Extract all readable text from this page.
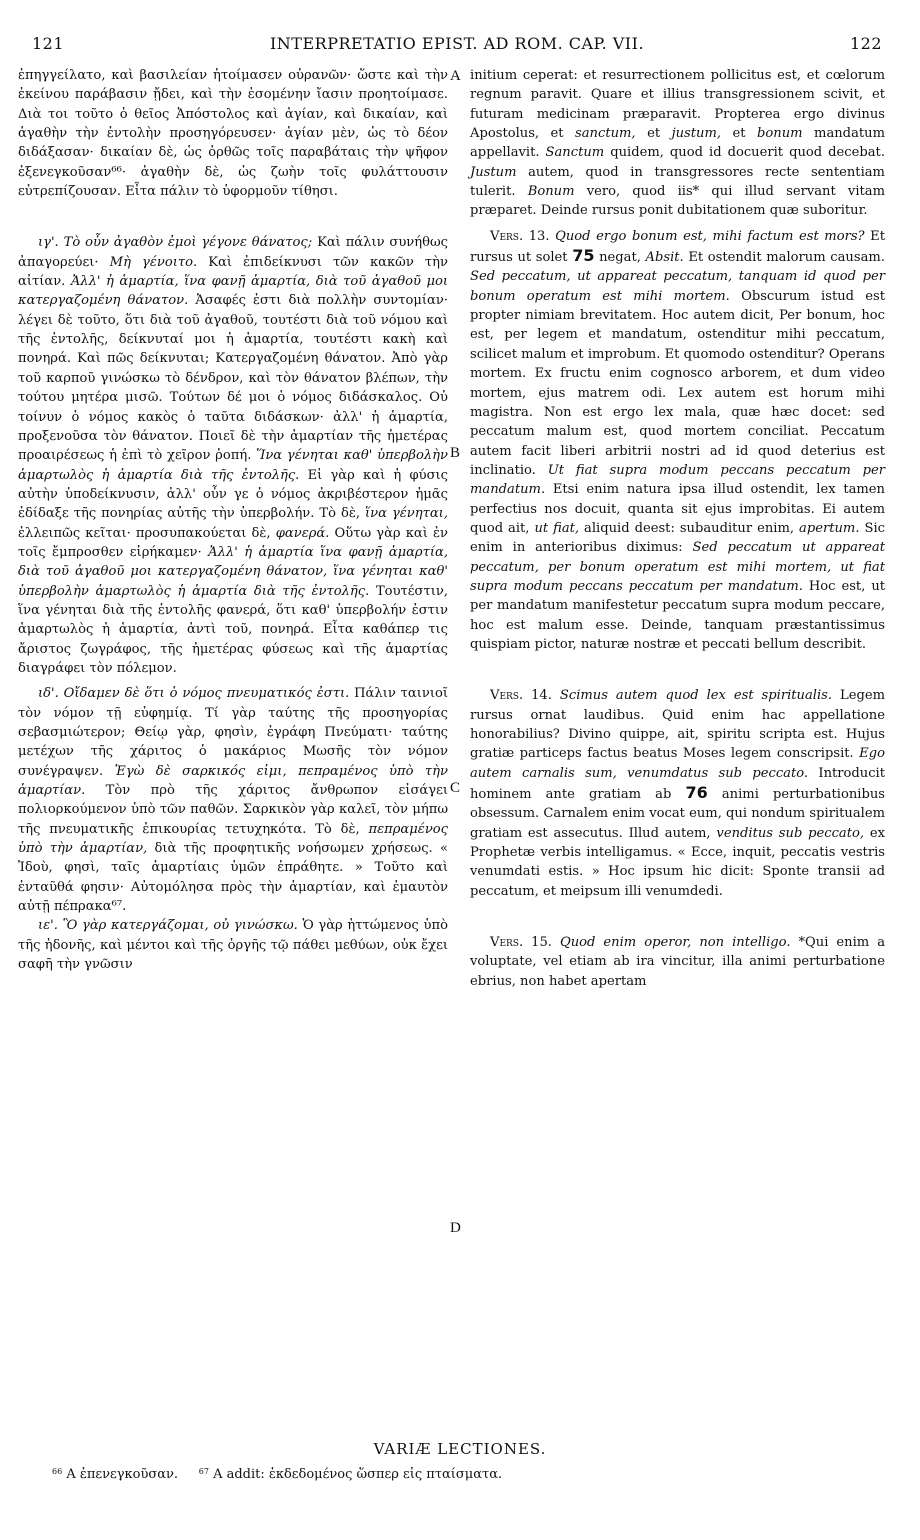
121	INTERPRETATIO EPIST. AD ROM. CAP. VII.	122
A
B
C
D

ἐπηγγείλατο, καὶ βασιλείαν ἡτοίμασεν οὐρανῶν· ὥστε καὶ τὴν ἐκείνου παράβασιν ᾔδει, καὶ τὴν ἐσομένην ἴασιν προητοίμασε. Διὰ τοι τοῦτο ὁ θεῖος Ἀπόστολος καὶ ἁγίαν, καὶ δικαίαν, καὶ ἀγαθὴν τὴν ἐντολὴν προσηγόρευσεν· ἁγίαν μὲν, ὡς τὸ δέον διδάξασαν· δικαίαν δὲ, ὡς ὀρθῶς τοῖς παραβάταις τὴν ψῆφον ἐξενεγκοῦσαν⁶⁶· ἀγαθὴν δὲ, ὡς ζωὴν τοῖς φυλάττουσιν εὐτρεπίζουσαν. Εἶτα πάλιν τὸ ὑφορμοῦν τίθησι.

ιγ'. Τὸ οὖν ἀγαθὸν ἐμοὶ γέγονε θάνατος; Καὶ πάλιν συνήθως ἀπαγορεύει· Μὴ γένοιτο. Καὶ ἐπιδείκνυσι τῶν κακῶν τὴν αἰτίαν. Ἀλλ' ἡ ἁμαρτία, ἵνα φανῇ ἁμαρτία, διὰ τοῦ ἀγαθοῦ μοι κατεργαζομένη θάνατον. Ἀσαφές ἐστι διὰ πολλὴν συντομίαν· λέγει δὲ τοῦτο, ὅτι διὰ τοῦ ἀγαθοῦ, τουτέστι διὰ τοῦ νόμου καὶ τῆς ἐντολῆς, δείκνυταί μοι ἡ ἁμαρτία, τουτέστι κακὴ καὶ πονηρά. Καὶ πῶς δείκνυται; Κατεργαζομένη θάνατον. Ἀπὸ γὰρ τοῦ καρποῦ γινώσκω τὸ δένδρον, καὶ τὸν θάνατον βλέπων, τὴν τούτου μητέρα μισῶ. Τούτων δέ μοι ὁ νόμος διδάσκαλος. Οὐ τοίνυν ὁ νόμος κακὸς ὁ ταῦτα διδάσκων· ἀλλ' ἡ ἁμαρτία, προξενοῦσα τὸν θάνατον. Ποιεῖ δὲ τὴν ἁμαρτίαν τῆς ἡμετέρας προαιρέσεως ἡ ἐπὶ τὸ χεῖρον ῥοπή. Ἵνα γένηται καθ' ὑπερβολὴν ἁμαρτωλὸς ἡ ἁμαρτία διὰ τῆς ἐντολῆς. Εἰ γὰρ καὶ ἡ φύσις αὐτὴν ὑποδείκνυσιν, ἀλλ' οὖν γε ὁ νόμος ἀκριβέστερον ἡμᾶς ἐδίδαξε τῆς πονηρίας αὐτῆς τὴν ὑπερβολήν. Τὸ δὲ, ἵνα γένηται, ἐλλειπῶς κεῖται· προσυπακούεται δὲ, φανερά. Οὕτω γὰρ καὶ ἐν τοῖς ἔμπροσθεν εἰρήκαμεν· Ἀλλ' ἡ ἁμαρτία ἵνα φανῇ ἁμαρτία, διὰ τοῦ ἀγαθοῦ μοι κατεργαζομένη θάνατον, ἵνα γένηται καθ' ὑπερβολὴν ἁμαρτωλὸς ἡ ἁμαρτία διὰ τῆς ἐντολῆς. Τουτέστιν, ἵνα γένηται διὰ τῆς ἐντολῆς φανερά, ὅτι καθ' ὑπερβολήν ἐστιν ἁμαρτωλὸς ἡ ἁμαρτία, ἀντὶ τοῦ, πονηρά. Εἶτα καθάπερ τις ἄριστος ζωγράφος, τῆς ἡμετέρας φύσεως καὶ τῆς ἁμαρτίας διαγράφει τὸν πόλεμον.

ιδ'. Οἴδαμεν δὲ ὅτι ὁ νόμος πνευματικός ἐστι. Πάλιν ταινιοῖ τὸν νόμον τῇ εὐφημίᾳ. Τί γὰρ ταύτης τῆς προσηγορίας σεβασμιώτερον; Θείῳ γὰρ, φησὶν, ἐγράφη Πνεύματι· ταύτης μετέχων τῆς χάριτος ὁ μακάριος Μωσῆς τὸν νόμον συνέγραψεν. Ἐγὼ δὲ σαρκικός εἰμι, πεπραμένος ὑπὸ τὴν ἁμαρτίαν. Τὸν πρὸ τῆς χάριτος ἄνθρωπον εἰσάγει πολιορκούμενον ὑπὸ τῶν παθῶν. Σαρκικὸν γὰρ καλεῖ, τὸν μήπω τῆς πνευματικῆς ἐπικουρίας τετυχηκότα. Τὸ δὲ, πεπραμένος ὑπὸ τὴν ἁμαρτίαν, διὰ τῆς προφητικῆς νοήσωμεν χρήσεως. « Ἰδοὺ, φησὶ, ταῖς ἁμαρτίαις ὑμῶν ἐπράθητε. » Τοῦτο καὶ ἐνταῦθά φησιν· Αὐτομόλησα πρὸς τὴν ἁμαρτίαν, καὶ ἐμαυτὸν αὐτῇ πέπρακα⁶⁷.

ιε'. Ὃ γὰρ κατεργάζομαι, οὐ γινώσκω. Ὁ γὰρ ἡττώμενος ὑπὸ τῆς ἡδονῆς, καὶ μέντοι καὶ τῆς ὀργῆς τῷ πάθει μεθύων, οὐκ ἔχει σαφῆ τὴν γνῶσιν

initium ceperat: et resurrectionem pollicitus est, et cœlorum regnum paravit. Quare et illius transgressionem scivit, et futuram medicinam præparavit. Propterea ergo divinus Apostolus, et sanctum, et justum, et bonum mandatum appellavit. Sanctum quidem, quod id docuerit quod decebat. Justum autem, quod in transgressores recte sententiam tulerit. Bonum vero, quod iis* qui illud servant vitam præparet. Deinde rursus ponit dubitationem quæ suboritur.

Vers. 13. Quod ergo bonum est, mihi factum est mors? Et rursus ut solet 75 negat, Absit. Et ostendit malorum causam. Sed peccatum, ut appareat peccatum, tanquam id quod per bonum operatum est mihi mortem. Obscurum istud est propter nimiam brevitatem. Hoc autem dicit, Per bonum, hoc est, per legem et mandatum, ostenditur mihi peccatum, scilicet malum et improbum. Et quomodo ostenditur? Operans mortem. Ex fructu enim cognosco arborem, et dum video mortem, ejus matrem odi. Lex autem est horum mihi magistra. Non est ergo lex mala, quæ hæc docet: sed peccatum malum est, quod mortem conciliat. Peccatum autem facit liberi arbitrii nostri ad id quod deterius est inclinatio. Ut fiat supra modum peccans peccatum per mandatum. Etsi enim natura ipsa illud ostendit, lex tamen perfectius nos docuit, quanta sit ejus improbitas. Ei autem quod ait, ut fiat, aliquid deest: subauditur enim, apertum. Sic enim in anterioribus diximus: Sed peccatum ut appareat peccatum, per bonum operatum est mihi mortem, ut fiat supra modum peccans peccatum per mandatum. Hoc est, ut per mandatum manifestetur peccatum supra modum peccare, hoc est malum esse. Deinde, tanquam præstantissimus quispiam pictor, naturæ nostræ et peccati bellum describit.

Vers. 14. Scimus autem quod lex est spiritualis. Legem rursus ornat laudibus. Quid enim hac appellatione honorabilius? Divino quippe, ait, spiritu scripta est. Hujus gratiæ particeps factus beatus Moses legem conscripsit. Ego autem carnalis sum, venumdatus sub peccato. Introducit hominem ante gratiam ab 76 animi perturbationibus obsessum. Carnalem enim vocat eum, qui nondum spiritualem gratiam est assecutus. Illud autem, venditus sub peccato, ex Prophetæ verbis intelligamus. « Ecce, inquit, peccatis vestris venumdati estis. » Hoc ipsum hic dicit: Sponte transii ad peccatum, et meipsum illi venumdedi.

Vers. 15. Quod enim operor, non intelligo. *Qui enim a voluptate, vel etiam ab ira vincitur, illa animi perturbatione ebrius, non habet apertam

VARIÆ LECTIONES.
$^{66}$ A ἐπενεγκοῦσαν.	$^{67}$ A addit: ἐκδεδομένος ὥσπερ εἰς πταίσματα.
